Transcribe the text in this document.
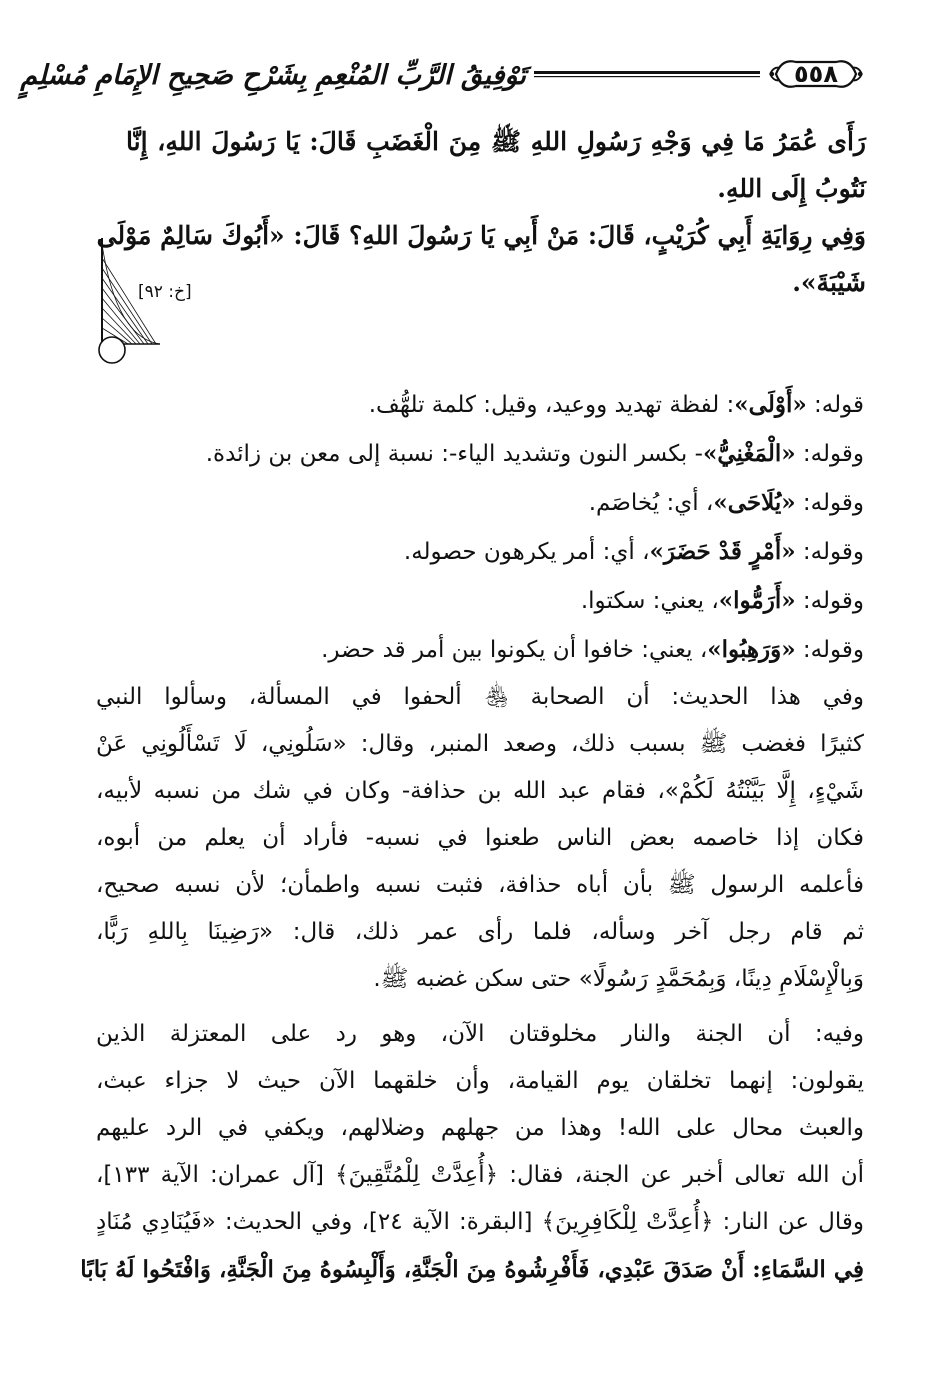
٥٥٨
تَوْفِيقُ الرَّبِّ المُنْعِمِ بِشَرْحِ صَحِيحِ الإِمَامِ مُسْلِمٍ
رَأَى عُمَرُ مَا فِي وَجْهِ رَسُولِ اللهِ ﷺ مِنَ الْغَضَبِ قَالَ: يَا رَسُولَ اللهِ، إِنَّا
نَتُوبُ إِلَى اللهِ.
وَفِي رِوَايَةِ أَبِي كُرَيْبٍ، قَالَ: مَنْ أَبِي يَا رَسُولَ اللهِ؟ قَالَ: «أَبُوكَ سَالِمٌ مَوْلَى
شَيْبَةَ».
[خ: ٩٢]
قوله: «أَوْلَى»: لفظة تهديد ووعيد، وقيل: كلمة تلهُّف.
وقوله: «الْمَغْنِيُّ»- بكسر النون وتشديد الياء-: نسبة إلى معن بن زائدة.
وقوله: «يُلَاحَى»، أي: يُخاصَم.
وقوله: «أَمْرٍ قَدْ حَضَرَ»، أي: أمر يكرهون حصوله.
وقوله: «أَرَمُّوا»، يعني: سكتوا.
وقوله: «وَرَهِبُوا»، يعني: خافوا أن يكونوا بين أمر قد حضر.
وفي هذا الحديث: أن الصحابة ﵃ ألحفوا في المسألة، وسألوا النبي
كثيرًا فغضب ﷺ بسبب ذلك، وصعد المنبر، وقال: «سَلُونِي، لَا تَسْأَلُونِي عَنْ
شَيْءٍ، إِلَّا بَيَّنْتُهُ لَكُمْ»، فقام عبد الله بن حذافة- وكان في شك من نسبه لأبيه،
فكان إذا خاصمه بعض الناس طعنوا في نسبه- فأراد أن يعلم من أبوه،
فأعلمه الرسول ﷺ بأن أباه حذافة، فثبت نسبه واطمأن؛ لأن نسبه صحيح،
ثم قام رجل آخر وسأله، فلما رأى عمر ذلك، قال: «رَضِينَا بِاللهِ رَبًّا،
وَبِالْإِسْلَامِ دِينًا، وَبِمُحَمَّدٍ رَسُولًا» حتى سكن غضبه ﷺ.
وفيه: أن الجنة والنار مخلوقتان الآن، وهو رد على المعتزلة الذين
يقولون: إنهما تخلقان يوم القيامة، وأن خلقهما الآن حيث لا جزاء عبث،
والعبث محال على الله! وهذا من جهلهم وضلالهم، ويكفي في الرد عليهم
أن الله تعالى أخبر عن الجنة، فقال: ﴿أُعِدَّتْ لِلْمُتَّقِينَ﴾ [آل عمران: الآية ١٣٣]،
وقال عن النار: ﴿أُعِدَّتْ لِلْكَافِرِينَ﴾ [البقرة: الآية ٢٤]، وفي الحديث: «فَيُنَادِي مُنَادٍ
فِي السَّمَاءِ: أَنْ صَدَقَ عَبْدِي، فَأَفْرِشُوهُ مِنَ الْجَنَّةِ، وَأَلْبِسُوهُ مِنَ الْجَنَّةِ، وَافْتَحُوا لَهُ بَابًا
